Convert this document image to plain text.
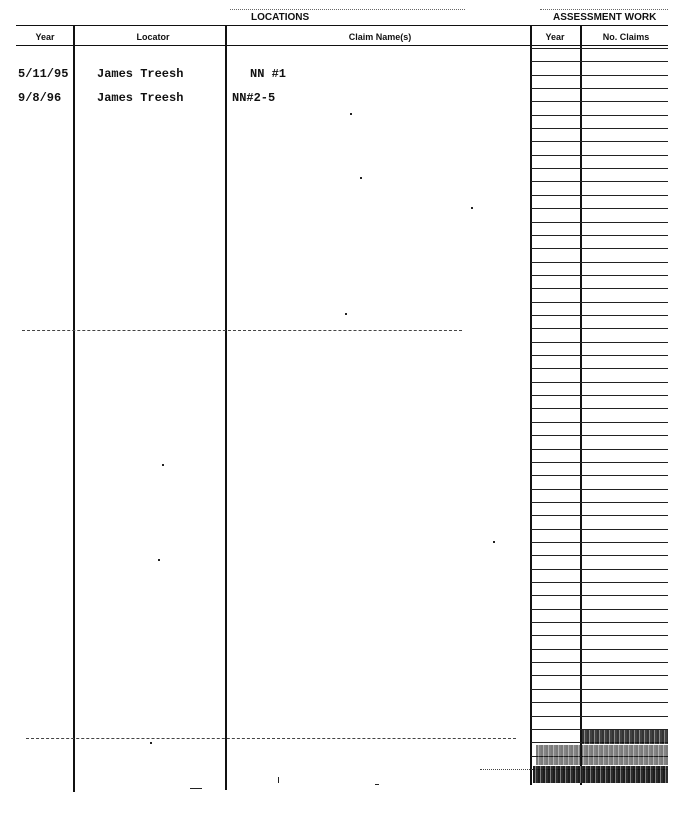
LOCATIONS	ASSESSMENT WORK
Year	Locator	Claim Name(s)	Year	No. Claims
5/11/95 James Treesh	NN #1
9/8/96	James Treesh	NN#2-5
